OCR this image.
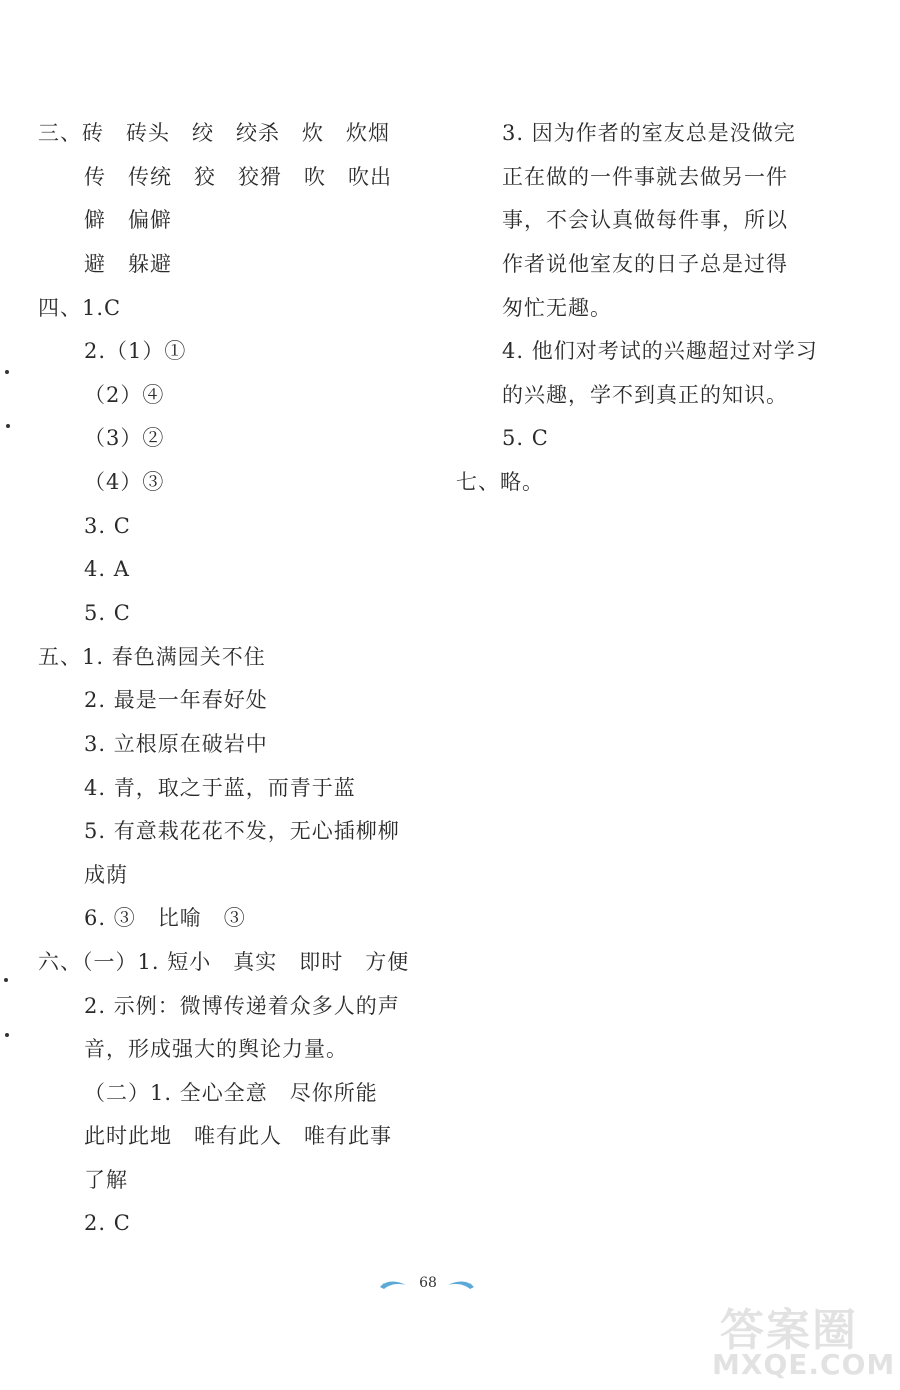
三、砖　砖头　绞　绞杀　炊　炊烟
传　传统　狡　狡猾　吹　吹出
僻　偏僻
避　躲避
四、1.C
2.（1）①
（2）④
（3）②
（4）③
3. C
4. A
5. C
五、1. 春色满园关不住
2. 最是一年春好处
3. 立根原在破岩中
4. 青，取之于蓝，而青于蓝
5. 有意栽花花不发，无心插柳柳
成荫
6. ③　比喻　③
六、（一）1. 短小　真实　即时　方便
2. 示例：微博传递着众多人的声
音，形成强大的舆论力量。
（二）1. 全心全意　尽你所能
此时此地　唯有此人　唯有此事
了解
2. C
3. 因为作者的室友总是没做完
正在做的一件事就去做另一件
事，不会认真做每件事，所以
作者说他室友的日子总是过得
匆忙无趣。
4. 他们对考试的兴趣超过对学习
的兴趣，学不到真正的知识。
5. C
七、略。
68
答案圈
MXQE.COM
